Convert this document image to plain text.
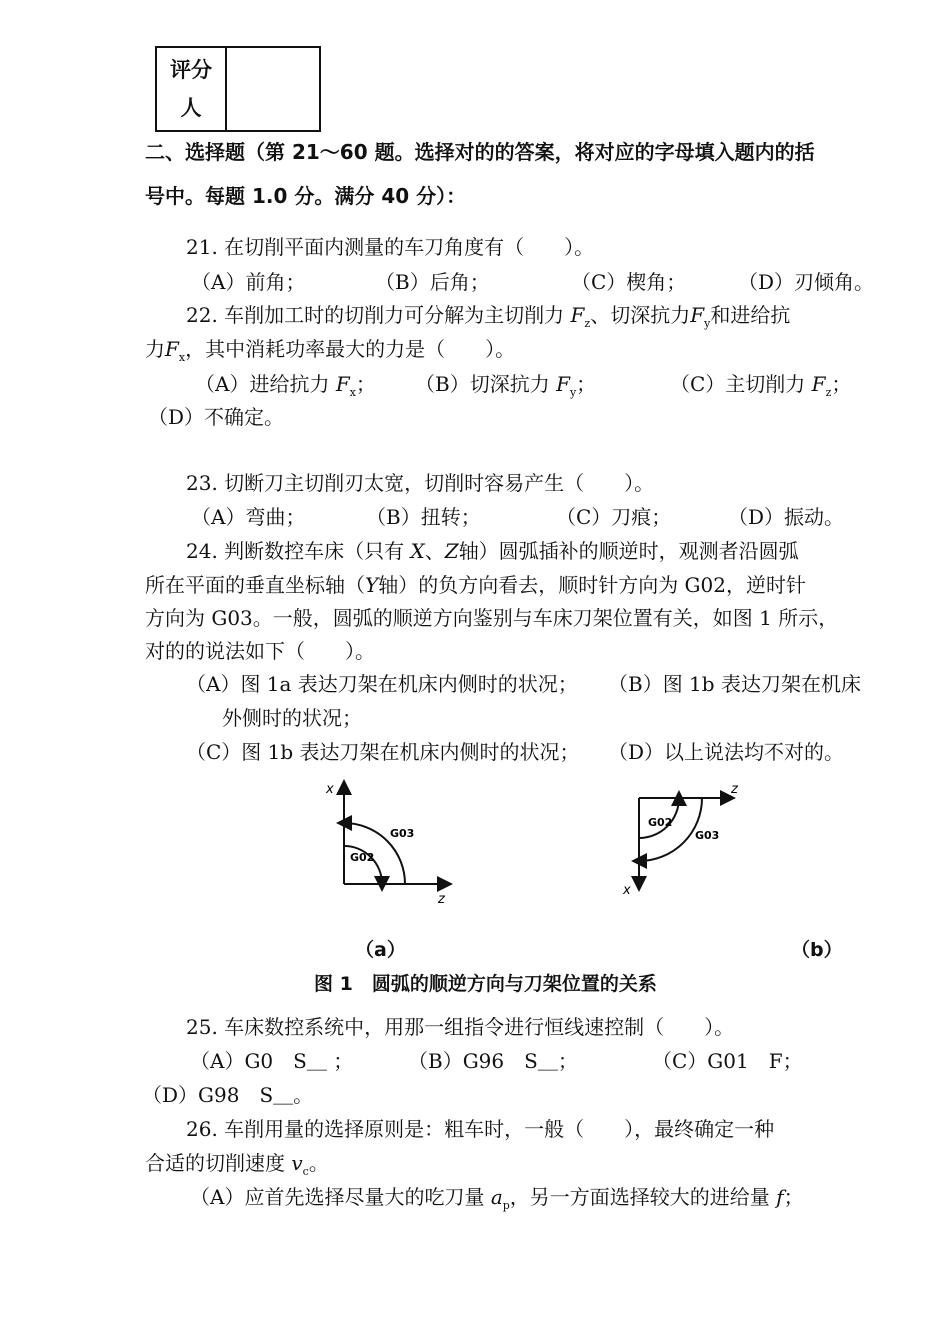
评分
人
二、选择题（第 21～60 题。选择对的的答案，将对应的字母填入题内的括
号中。每题 1.0 分。满分 40 分）：
21. 在切削平面内测量的车刀角度有（　　）。
（A）前角；	（B）后角；	（C）楔角；	（D）刃倾角。
22. 车削加工时的切削力可分解为主切削力 $F_z$、切深抗力$F_y$和进给抗
力$F_x$，其中消耗功率最大的力是（　　）。
（A）进给抗力 $F_x$； （B）切深抗力 $F_y$；	（C）主切削力 $F_z$；
（D）不确定。
23. 切断刀主切削刃太宽，切削时容易产生（　　）。
（A）弯曲；	（B）扭转；	（C）刀痕；	（D）振动。
24. 判断数控车床（只有 X、Z轴）圆弧插补的顺逆时，观测者沿圆弧
所在平面的垂直坐标轴（Y轴）的负方向看去，顺时针方向为 G02，逆时针
方向为 G03。一般，圆弧的顺逆方向鉴别与车床刀架位置有关，如图 1 所示，
对的的说法如下（　　）。
（A）图 1a 表达刀架在机床内侧时的状况； （B）图 1b 表达刀架在机床
外侧时的状况；
（C）图 1b 表达刀架在机床内侧时的状况； （D）以上说法均不对的。
x
z
G03
G02
x
z
G03
G02
（a）	（b）
图 1　圆弧的顺逆方向与刀架位置的关系
25. 车床数控系统中，用那一组指令进行恒线速控制（　　）。
（A）G0　S＿ ；	（B）G96　S＿；	（C）G01　F；
（D）G98　S＿。
26. 车削用量的选择原则是：粗车时，一般（　　），最终确定一种
合适的切削速度 $v_c$。
（A）应首先选择尽量大的吃刀量 $a_p$，另一方面选择较大的进给量 f；
